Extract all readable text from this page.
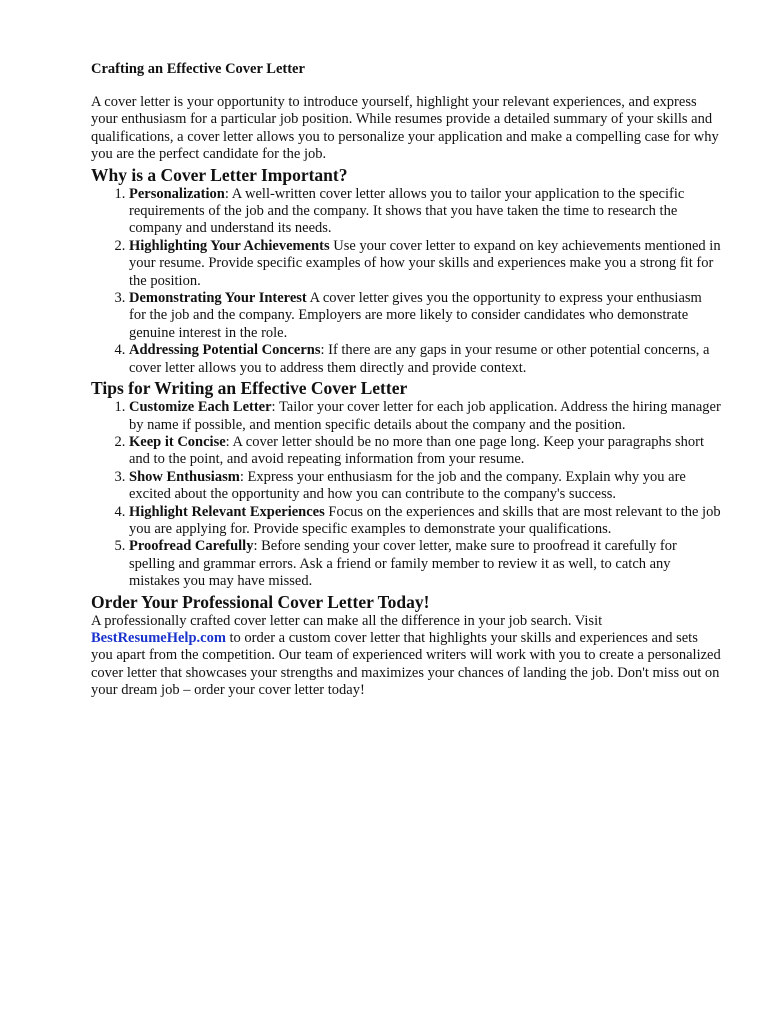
Crafting an Effective Cover Letter

A cover letter is your opportunity to introduce yourself, highlight your relevant experiences, and express your enthusiasm for a particular job position. While resumes provide a detailed summary of your skills and qualifications, a cover letter allows you to personalize your application and make a compelling case for why you are the perfect candidate for the job.

Why is a Cover Letter Important?
1. Personalization: A well-written cover letter allows you to tailor your application to the specific requirements of the job and the company. It shows that you have taken the time to research the company and understand its needs.
2. Highlighting Your Achievements Use your cover letter to expand on key achievements mentioned in your resume. Provide specific examples of how your skills and experiences make you a strong fit for the position.
3. Demonstrating Your Interest A cover letter gives you the opportunity to express your enthusiasm for the job and the company. Employers are more likely to consider candidates who demonstrate genuine interest in the role.
4. Addressing Potential Concerns: If there are any gaps in your resume or other potential concerns, a cover letter allows you to address them directly and provide context.
Tips for Writing an Effective Cover Letter
1. Customize Each Letter: Tailor your cover letter for each job application. Address the hiring manager by name if possible, and mention specific details about the company and the position.
2. Keep it Concise: A cover letter should be no more than one page long. Keep your paragraphs short and to the point, and avoid repeating information from your resume.
3. Show Enthusiasm: Express your enthusiasm for the job and the company. Explain why you are excited about the opportunity and how you can contribute to the company's success.
4. Highlight Relevant Experiences Focus on the experiences and skills that are most relevant to the job you are applying for. Provide specific examples to demonstrate your qualifications.
5. Proofread Carefully: Before sending your cover letter, make sure to proofread it carefully for spelling and grammar errors. Ask a friend or family member to review it as well, to catch any mistakes you may have missed.
Order Your Professional Cover Letter Today!

A professionally crafted cover letter can make all the difference in your job search. Visit BestResumeHelp.com to order a custom cover letter that highlights your skills and experiences and sets you apart from the competition. Our team of experienced writers will work with you to create a personalized cover letter that showcases your strengths and maximizes your chances of landing the job. Don't miss out on your dream job – order your cover letter today!
